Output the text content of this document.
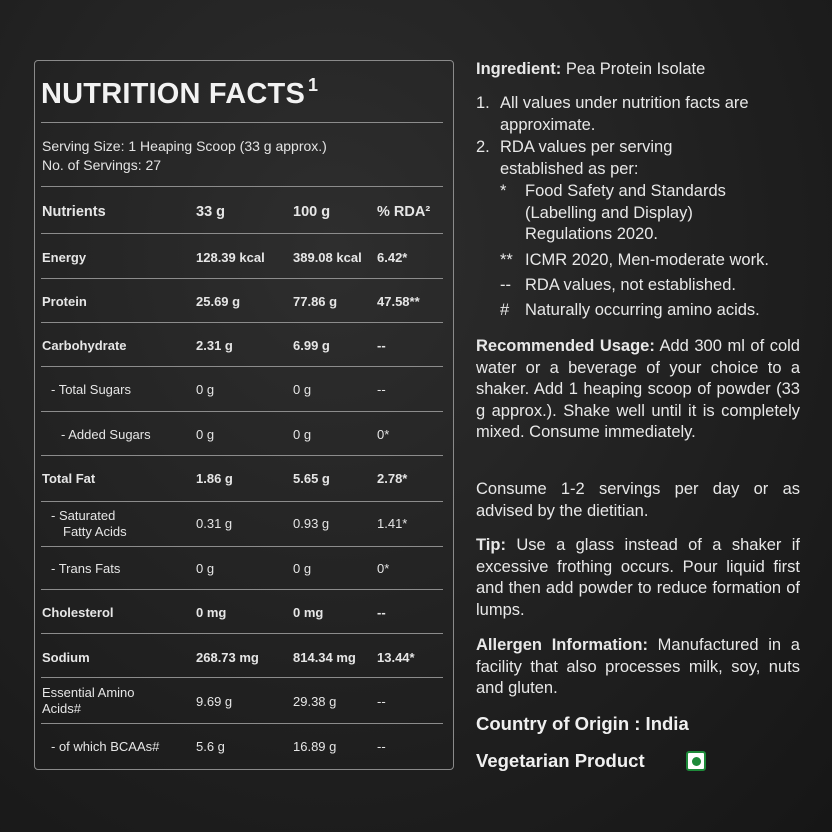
NUTRITION FACTS $^1$
Serving Size: 1 Heaping Scoop (33 g approx.)
No. of Servings: 27
Nutrients	33 g	100 g	% RDA²
Energy	128.39 kcal 389.08 kcal 6.42*
Protein	25.69 g	77.86 g	47.58**
Carbohydrate	2.31 g	6.99 g	--
- Total Sugars	0 g	0 g	--
- Added Sugars	0 g	0 g	0*
Total Fat	1.86 g	5.65 g	2.78*
- Saturated
Fatty Acids
0.31 g	0.93 g	1.41*
- Trans Fats	0 g	0 g	0*
Cholesterol	0 mg	0 mg	--
Sodium	268.73 mg	814.34 mg 13.44*
Essential Amino
Acids#	9.69 g	29.38 g	--
- of which BCAAs#	5.6 g	16.89 g	--
Ingredient: Pea Protein Isolate
1. All values under nutrition facts are
approximate.
2. RDA values per serving
established as per:
* Food Safety and Standards
(Labelling and Display)
Regulations 2020.
** ICMR 2020, Men-moderate work.
-- RDA values, not established.
# Naturally occurring amino acids.
Recommended Usage: Add 300 ml of cold water or a beverage of your choice to a shaker. Add 1 heaping scoop of powder (33 g approx.). Shake well until it is completely mixed. Consume immediately.
Consume 1-2 servings per day or as advised by the dietitian.
Tip: Use a glass instead of a shaker if excessive frothing occurs. Pour liquid first and then add powder to reduce formation of lumps.
Allergen Information: Manufactured in a facility that also processes milk, soy, nuts and gluten.
Country of Origin : India
Vegetarian Product
